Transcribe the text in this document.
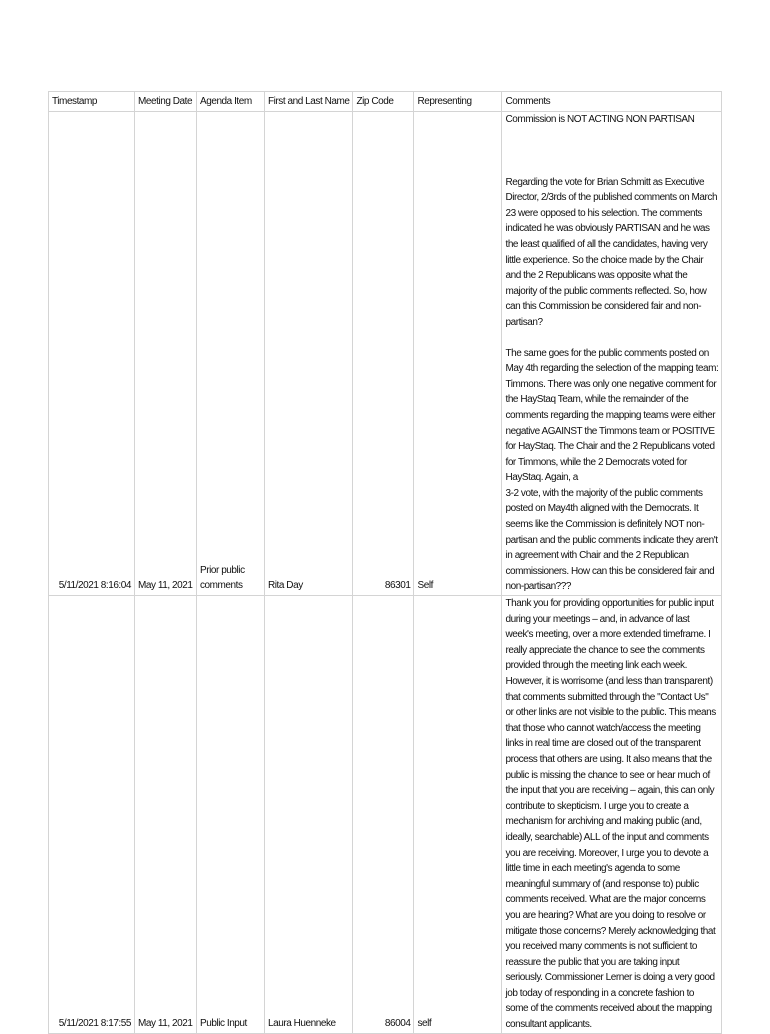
Timestamp	Meeting Date	Agenda Item	First and Last Name	Zip Code	Representing	Comments
5/11/2021 8:16:04	May 11, 2021	Prior public comments	Rita Day	86301	Self	Commission is NOT ACTING NON PARTISAN
Regarding the vote for Brian Schmitt as Executive Director, 2/3rds of the published comments on March 23 were opposed to his selection. The comments indicated he was obviously PARTISAN and he was the least qualified of all the candidates, having very little experience. So the choice made by the Chair and the 2 Republicans was opposite what the majority of the public comments reflected. So, how can this Commission be considered fair and non-partisan?
The same goes for the public comments posted on May 4th regarding the selection of the mapping team: Timmons. There was only one negative comment for the HayStaq Team, while the remainder of the comments regarding the mapping teams were either negative AGAINST the Timmons team or POSITIVE for HayStaq. The Chair and the 2 Republicans voted for Timmons, while the 2 Democrats voted for HayStaq. Again, a
3-2 vote, with the majority of the public comments posted on May4th aligned with the Democrats. It seems like the Commission is definitely NOT non-partisan and the public comments indicate they aren't in agreement with Chair and the 2 Republican commissioners. How can this be considered fair and non-partisan???

5/11/2021 8:17:55	May 11, 2021	Public Input	Laura Huenneke	86004	self	Thank you for providing opportunities for public input during your meetings – and, in advance of last week's meeting, over a more extended timeframe. I really appreciate the chance to see the comments provided through the meeting link each week. However, it is worrisome (and less than transparent) that comments submitted through the "Contact Us" or other links are not visible to the public. This means that those who cannot watch/access the meeting links in real time are closed out of the transparent process that others are using. It also means that the public is missing the chance to see or hear much of the input that you are receiving – again, this can only contribute to skepticism. I urge you to create a mechanism for archiving and making public (and, ideally, searchable) ALL of the input and comments you are receiving. Moreover, I urge you to devote a little time in each meeting's agenda to some meaningful summary of (and response to) public comments received. What are the major concerns you are hearing? What are you doing to resolve or mitigate those concerns? Merely acknowledging that you received many comments is not sufficient to reassure the public that you are taking input seriously. Commissioner Lerner is doing a very good job today of responding in a concrete fashion to some of the comments received about the mapping consultant applicants.
